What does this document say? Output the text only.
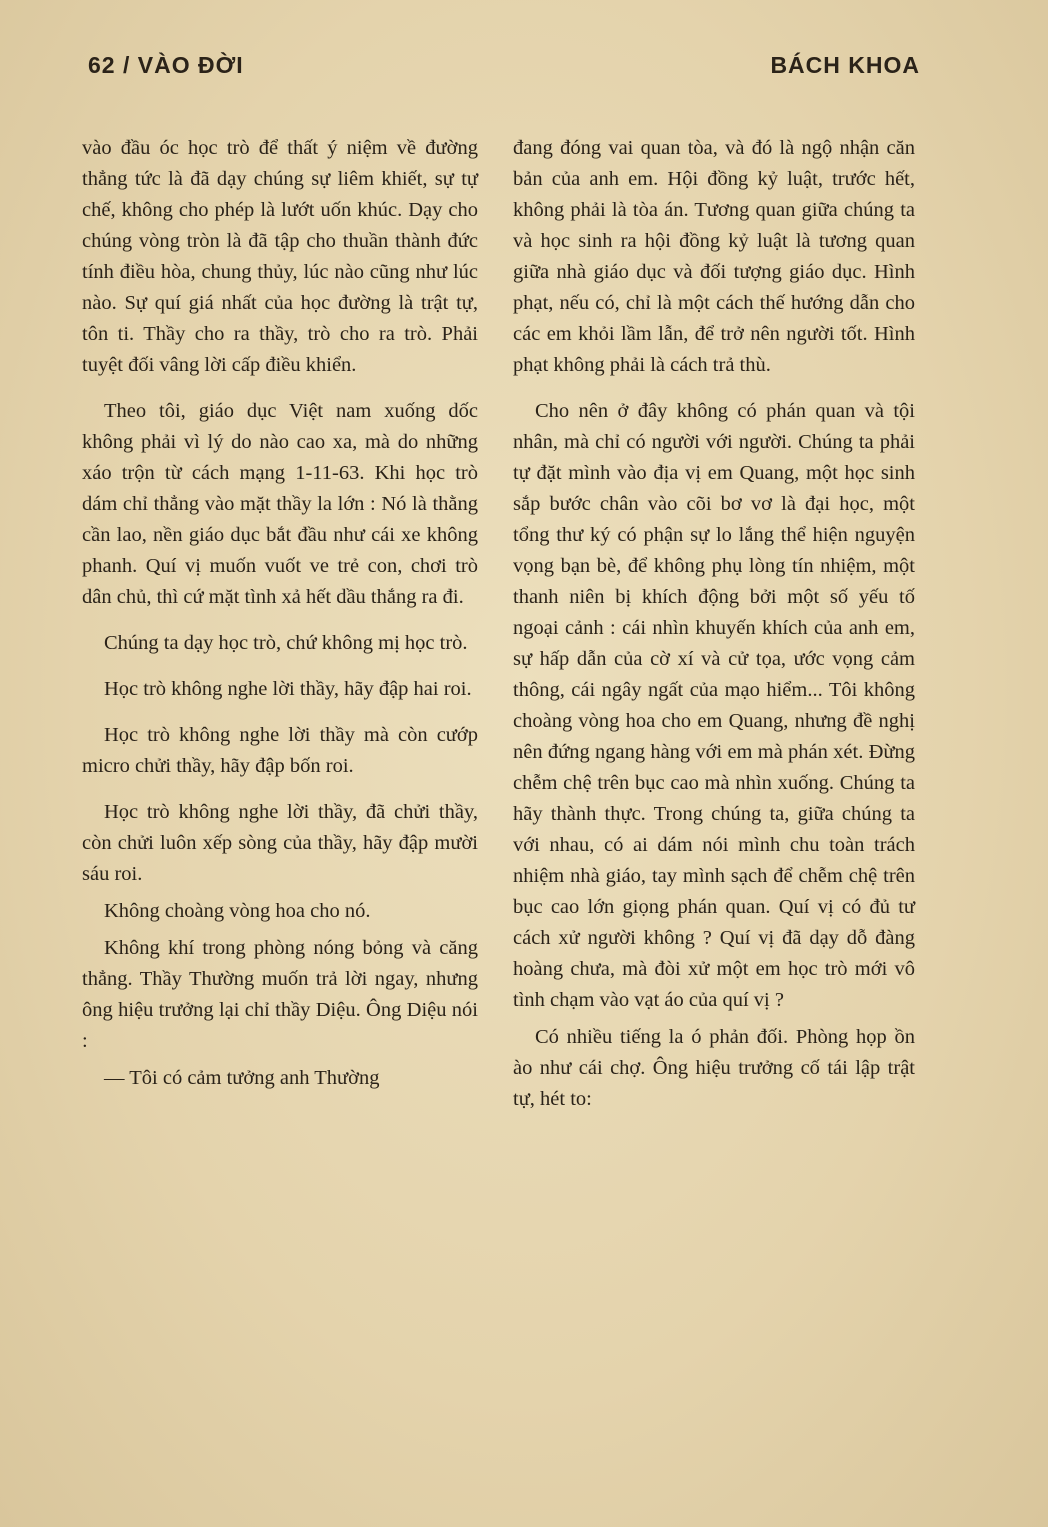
62 / VÀO ĐỜI	BÁCH KHOA

vào đầu óc học trò để thất ý niệm về đường thẳng tức là đã dạy chúng sự liêm khiết, sự tự chế, không cho phép là lướt uốn khúc. Dạy cho chúng vòng tròn là đã tập cho thuần thành đức tính điều hòa, chung thủy, lúc nào cũng như lúc nào. Sự quí giá nhất của học đường là trật tự, tôn ti. Thầy cho ra thầy, trò cho ra trò. Phải tuyệt đối vâng lời cấp điều khiển.

Theo tôi, giáo dục Việt nam xuống dốc không phải vì lý do nào cao xa, mà do những xáo trộn từ cách mạng 1-11-63. Khi học trò dám chỉ thẳng vào mặt thầy la lớn : Nó là thằng cần lao, nền giáo dục bắt đầu như cái xe không phanh. Quí vị muốn vuốt ve trẻ con, chơi trò dân chủ, thì cứ mặt tình xả hết dầu thắng ra đi.

Chúng ta dạy học trò, chứ không mị học trò.

Học trò không nghe lời thầy, hãy đập hai roi.

Học trò không nghe lời thầy mà còn cướp micro chửi thầy, hãy đập bốn roi.

Học trò không nghe lời thầy, đã chửi thầy, còn chửi luôn xếp sòng của thầy, hãy đập mười sáu roi.

Không choàng vòng hoa cho nó.

Không khí trong phòng nóng bỏng và căng thẳng. Thầy Thường muốn trả lời ngay, nhưng ông hiệu trưởng lại chỉ thầy Diệu. Ông Diệu nói :

— Tôi có cảm tưởng anh Thường

đang đóng vai quan tòa, và đó là ngộ nhận căn bản của anh em. Hội đồng kỷ luật, trước hết, không phải là tòa án. Tương quan giữa chúng ta và học sinh ra hội đồng kỷ luật là tương quan giữa nhà giáo dục và đối tượng giáo dục. Hình phạt, nếu có, chỉ là một cách thế hướng dẫn cho các em khỏi lầm lẫn, để trở nên người tốt. Hình phạt không phải là cách trả thù.

Cho nên ở đây không có phán quan và tội nhân, mà chỉ có người với người. Chúng ta phải tự đặt mình vào địa vị em Quang, một học sinh sắp bước chân vào cõi bơ vơ là đại học, một tổng thư ký có phận sự lo lắng thể hiện nguyện vọng bạn bè, để không phụ lòng tín nhiệm, một thanh niên bị khích động bởi một số yếu tố ngoại cảnh : cái nhìn khuyến khích của anh em, sự hấp dẫn của cờ xí và cử tọa, ước vọng cảm thông, cái ngây ngất của mạo hiểm... Tôi không choàng vòng hoa cho em Quang, nhưng đề nghị nên đứng ngang hàng với em mà phán xét. Đừng chễm chệ trên bục cao mà nhìn xuống. Chúng ta hãy thành thực. Trong chúng ta, giữa chúng ta với nhau, có ai dám nói mình chu toàn trách nhiệm nhà giáo, tay mình sạch để chễm chệ trên bục cao lớn giọng phán quan. Quí vị có đủ tư cách xử người không ? Quí vị đã dạy dỗ đàng hoàng chưa, mà đòi xử một em học trò mới vô tình chạm vào vạt áo của quí vị ?

Có nhiều tiếng la ó phản đối. Phòng họp ồn ào như cái chợ. Ông hiệu trưởng cố tái lập trật tự, hét to:
